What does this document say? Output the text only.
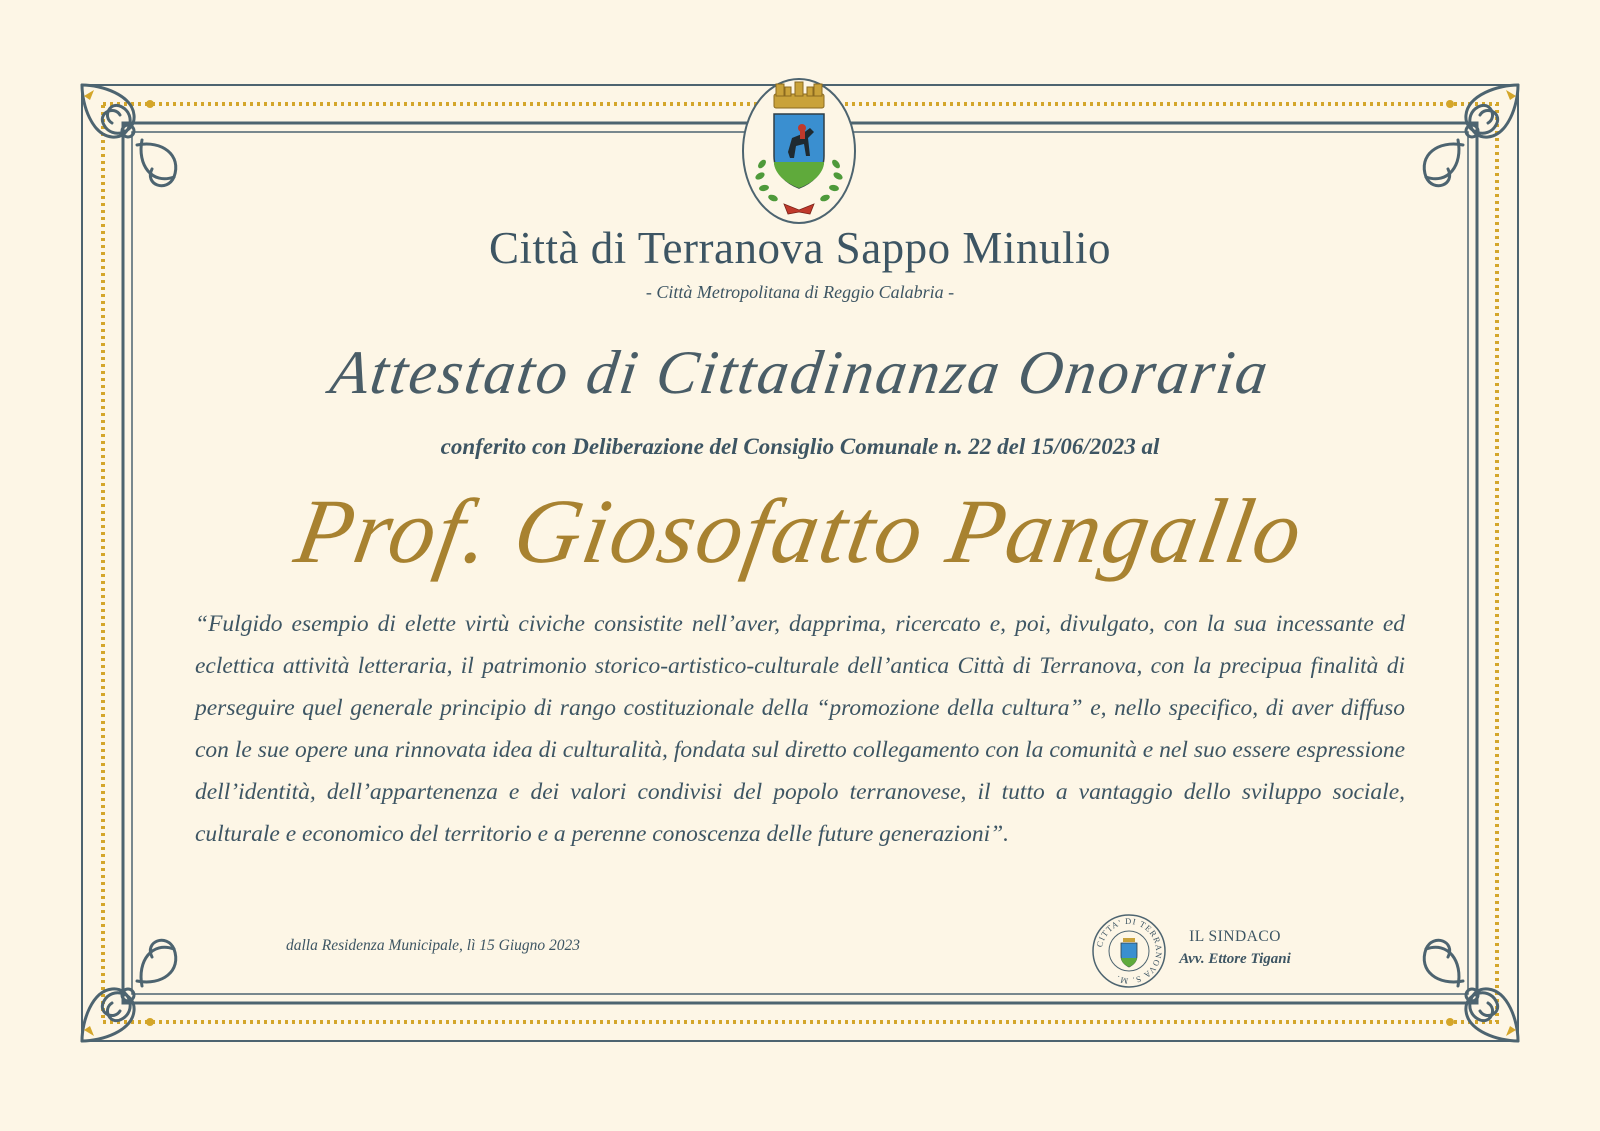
Città di Terranova Sappo Minulio
- Città Metropolitana di Reggio Calabria -
Attestato di Cittadinanza Onoraria
conferito con Deliberazione del Consiglio Comunale n. 22 del 15/06/2023 al
Prof. Giosofatto Pangallo
“Fulgido esempio di elette virtù civiche consistite nell’aver, dapprima, ricercato e, poi, divulgato, con la sua incessante ed eclettica attività letteraria, il patrimonio storico-artistico-culturale dell’antica Città di Terranova, con la precipua finalità di perseguire quel generale principio di rango costituzionale della “promozione della cultura” e, nello specifico, di aver diffuso con le sue opere una rinnovata idea di culturalità, fondata sul diretto collegamento con la comunità e nel suo essere espressione dell’identità, dell’appartenenza e dei valori condivisi del popolo terranovese, il tutto a vantaggio dello sviluppo sociale, culturale e economico del territorio e a perenne conoscenza delle future generazioni”.
dalla Residenza Municipale, lì 15 Giugno 2023	CITTA' DI TERRANOVA S. M.
IL SINDACO
Avv. Ettore Tigani
